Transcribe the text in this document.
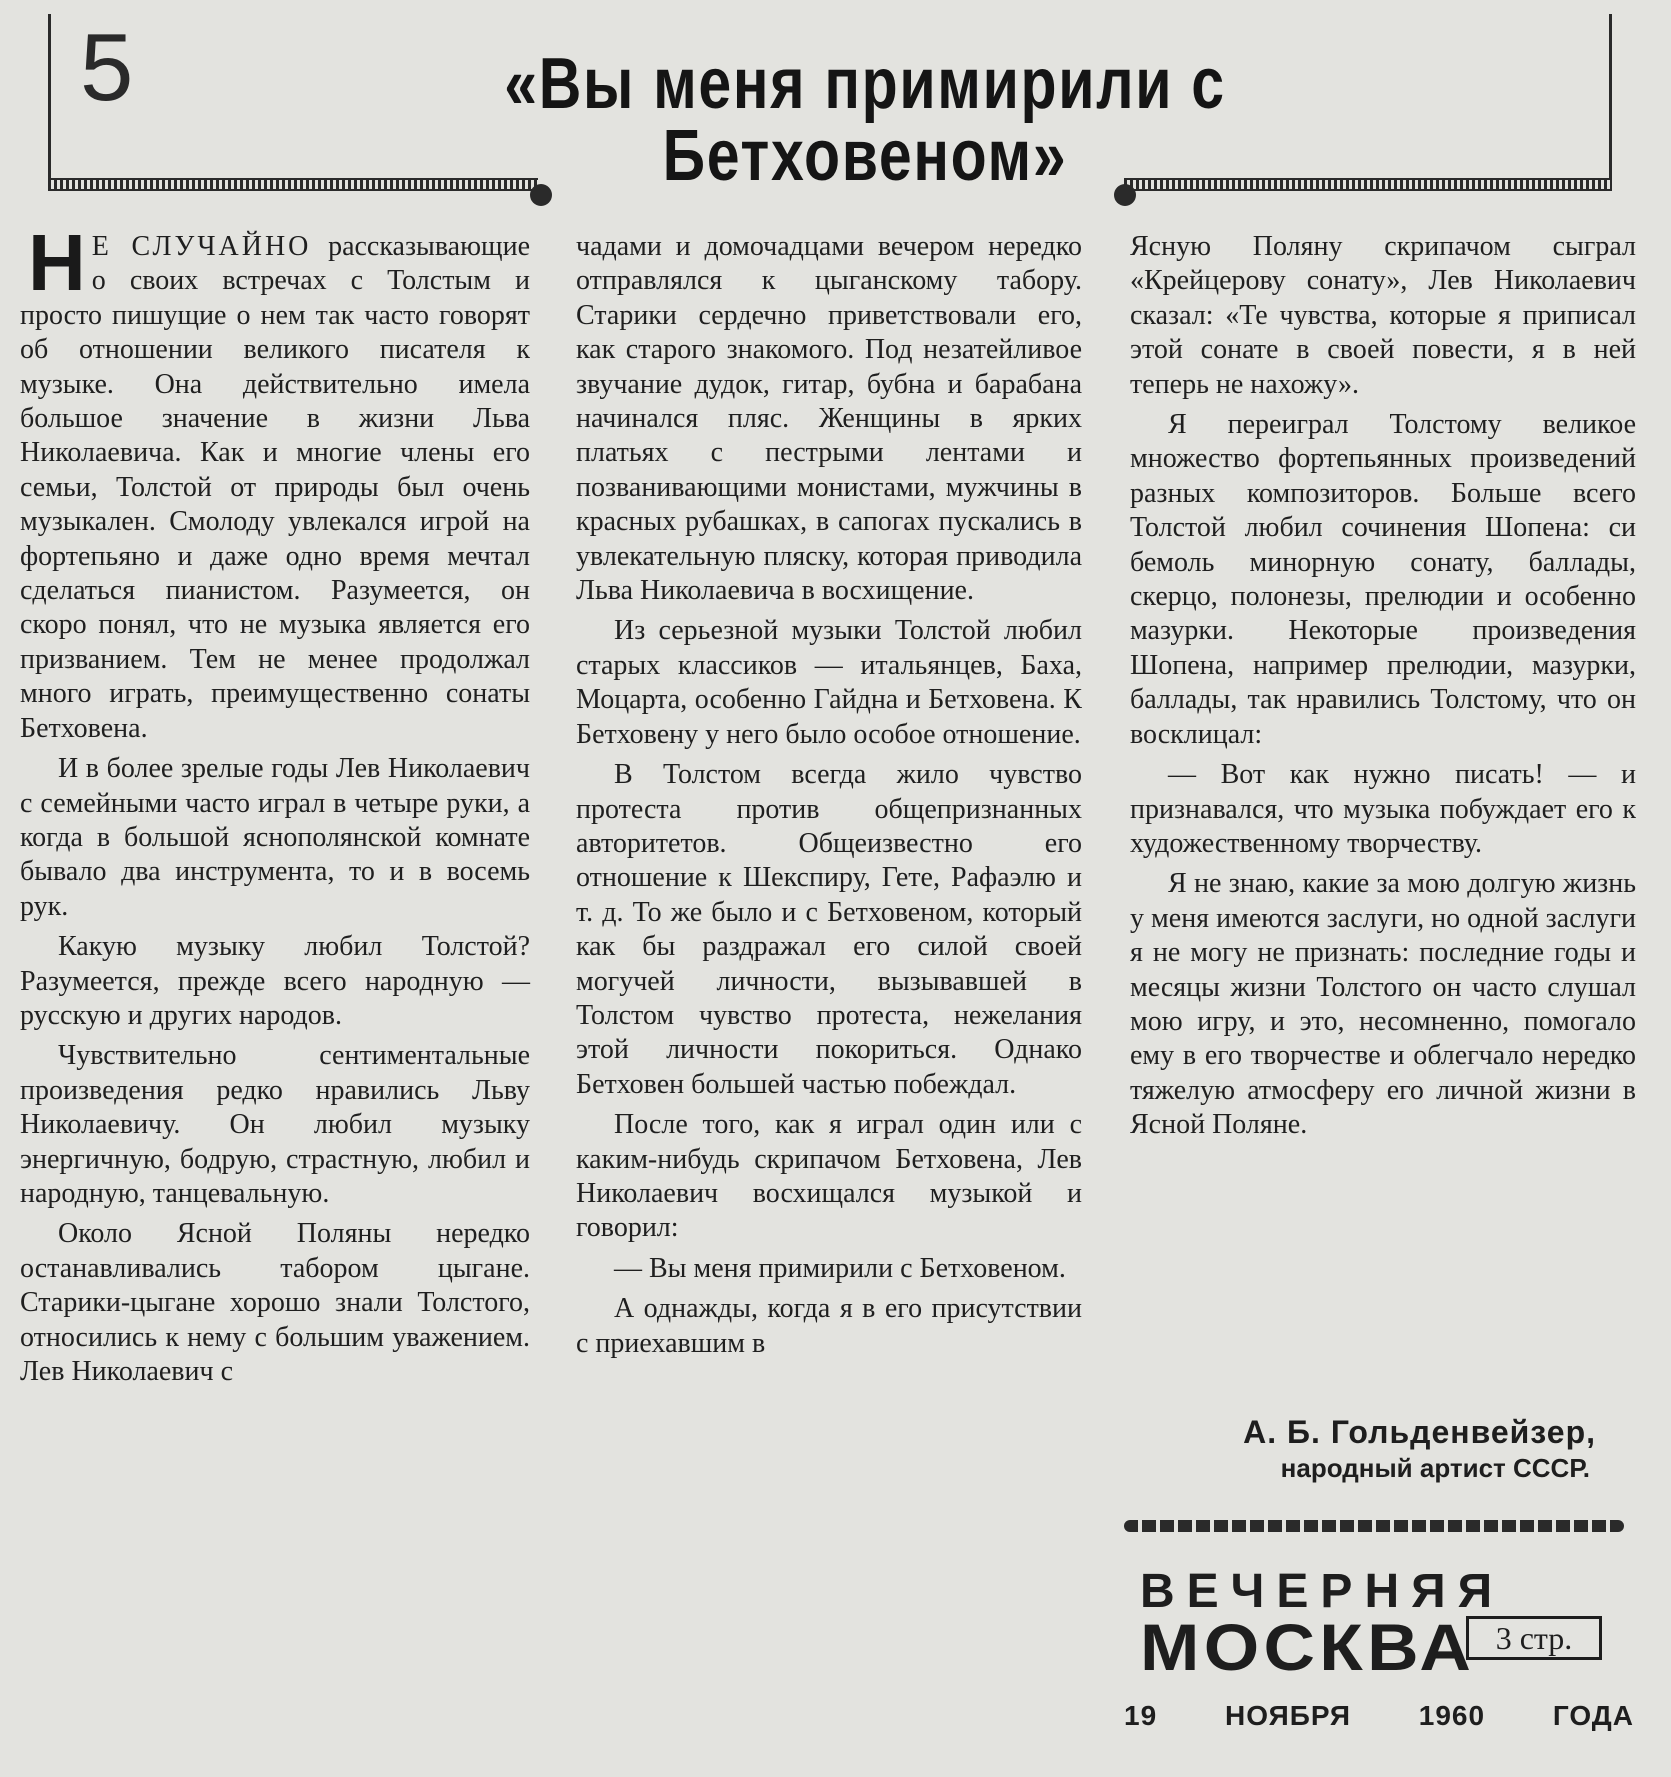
5	«Вы меня примирили с Бетховеном»

Н Е СЛУЧАЙНО рассказывающие о своих встречах с Толстым и просто пишущие о нем так часто говорят об отношении великого писателя к музыке. Она действительно имела большое значение в жизни Льва Николаевича. Как и многие члены его семьи, Толстой от природы был очень музыкален. Смолоду увлекался игрой на фортепьяно и даже одно время мечтал сделаться пианистом. Разумеется, он скоро понял, что не музыка является его призванием. Тем не менее продолжал много играть, преимущественно сонаты Бетховена.

И в более зрелые годы Лев Николаевич с семейными часто играл в четыре руки, а когда в большой яснополянской комнате бывало два инструмента, то и в восемь рук.

Какую музыку любил Толстой? Разумеется, прежде всего народную — русскую и других народов.

Чувствительно сентиментальные произведения редко нравились Льву Николаевичу. Он любил музыку энергичную, бодрую, страстную, любил и народную, танцевальную.

Около Ясной Поляны нередко останавливались табором цыгане. Старики-цыгане хорошо знали Толстого, относились к нему с большим уважением. Лев Николаевич с

чадами и домочадцами вечером нередко отправлялся к цыганскому табору. Старики сердечно приветствовали его, как старого знакомого. Под незатейливое звучание дудок, гитар, бубна и барабана начинался пляс. Женщины в ярких платьях с пестрыми лентами и позванивающими монистами, мужчины в красных рубашках, в сапогах пускались в увлекательную пляску, которая приводила Льва Николаевича в восхищение.

Из серьезной музыки Толстой любил старых классиков — итальянцев, Баха, Моцарта, особенно Гайдна и Бетховена. К Бетховену у него было особое отношение.

В Толстом всегда жило чувство протеста против общепризнанных авторитетов. Общеизвестно его отношение к Шекспиру, Гете, Рафаэлю и т. д. То же было и с Бетховеном, который как бы раздражал его силой своей могучей личности, вызывавшей в Толстом чувство протеста, нежелания этой личности покориться. Однако Бетховен большей частью побеждал.

После того, как я играл один или с каким-нибудь скрипачом Бетховена, Лев Николаевич восхищался музыкой и говорил:

— Вы меня примирили с Бетховеном.

А однажды, когда я в его присутствии с приехавшим в

Ясную Поляну скрипачом сыграл «Крейцерову сонату», Лев Николаевич сказал: «Те чувства, которые я приписал этой сонате в своей повести, я в ней теперь не нахожу».

Я переиграл Толстому великое множество фортепьянных произведений разных композиторов. Больше всего Толстой любил сочинения Шопена: си бемоль минорную сонату, баллады, скерцо, полонезы, прелюдии и особенно мазурки. Некоторые произведения Шопена, например прелюдии, мазурки, баллады, так нравились Толстому, что он восклицал:

— Вот как нужно писать! — и признавался, что музыка побуждает его к художественному творчеству.

Я не знаю, какие за мою долгую жизнь у меня имеются заслуги, но одной заслуги я не могу не признать: последние годы и месяцы жизни Толстого он часто слушал мою игру, и это, несомненно, помогало ему в его творчестве и облегчало нередко тяжелую атмосферу его личной жизни в Ясной Поляне.

А. Б. Гольденвейзер,
народный артист СССР.
ВЕЧЕРНЯЯ
МОСКВА 3 стр.
19 НОЯБРЯ 1960 ГОДА
